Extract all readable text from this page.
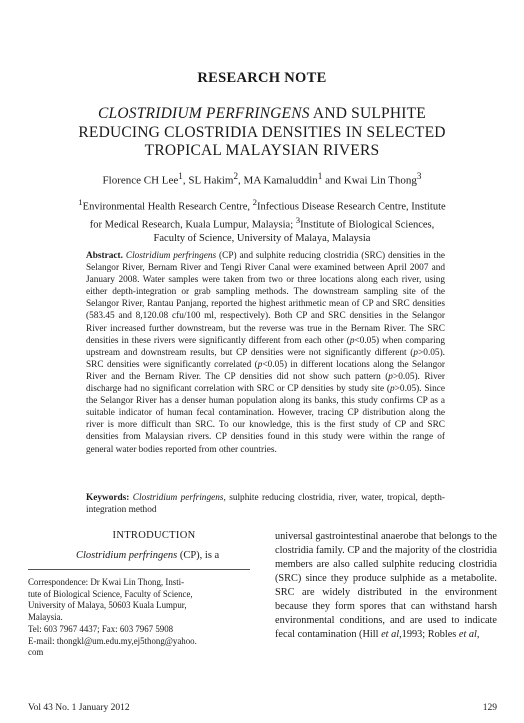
RESEARCH NOTE
CLOSTRIDIUM PERFRINGENS AND SULPHITE REDUCING CLOSTRIDIA DENSITIES IN SELECTED TROPICAL MALAYSIAN RIVERS
Florence CH Lee$^1$, SL Hakim$^2$, MA Kamaluddin$^1$ and Kwai Lin Thong$^3$
$^1$Environmental Health Research Centre, $^2$Infectious Disease Research Centre, Institute for Medical Research, Kuala Lumpur, Malaysia; $^3$Institute of Biological Sciences, Faculty of Science, University of Malaya, Malaysia
Abstract. Clostridium perfringens (CP) and sulphite reducing clostridia (SRC) densities in the Selangor River, Bernam River and Tengi River Canal were examined between April 2007 and January 2008. Water samples were taken from two or three locations along each river, using either depth-integration or grab sampling methods. The downstream sampling site of the Selangor River, Rantau Panjang, reported the highest arithmetic mean of CP and SRC densities (583.45 and 8,120.08 cfu/100 ml, respectively). Both CP and SRC densities in the Selangor River increased further downstream, but the reverse was true in the Bernam River. The SRC densities in these rivers were significantly different from each other (p<0.05) when comparing upstream and downstream results, but CP densities were not significantly different (p>0.05). SRC densities were significantly correlated (p<0.05) in different locations along the Selangor River and the Bernam River. The CP densities did not show such pattern (p>0.05). River discharge had no significant correlation with SRC or CP densities by study site (p>0.05). Since the Selangor River has a denser human population along its banks, this study confirms CP as a suitable indicator of human fecal contamination. However, tracing CP distribution along the river is more difficult than SRC. To our knowledge, this is the first study of CP and SRC densities from Malaysian rivers. CP densities found in this study were within the range of general water bodies reported from other countries.
Keywords: Clostridium perfringens, sulphite reducing clostridia, river, water, tropical, depth-integration method
INTRODUCTION
Clostridium perfringens (CP), is a
Correspondence: Dr Kwai Lin Thong, Insti-
tute of Biological Science, Faculty of Science,
University of Malaya, 50603 Kuala Lumpur,
Malaysia.
Tel: 603 7967 4437; Fax: 603 7967 5908
E-mail: thongkl@um.edu.my,ej5thong@yahoo.
com
universal gastrointestinal anaerobe that belongs to the clostridia family. CP and the majority of the clostridia members are also called sulphite reducing clostridia (SRC) since they produce sulphide as a metabolite. SRC are widely distributed in the environment because they form spores that can withstand harsh environmental conditions, and are used to indicate fecal contamination (Hill et al,1993; Robles et al,
Vol 43 No. 1 January 2012	129
